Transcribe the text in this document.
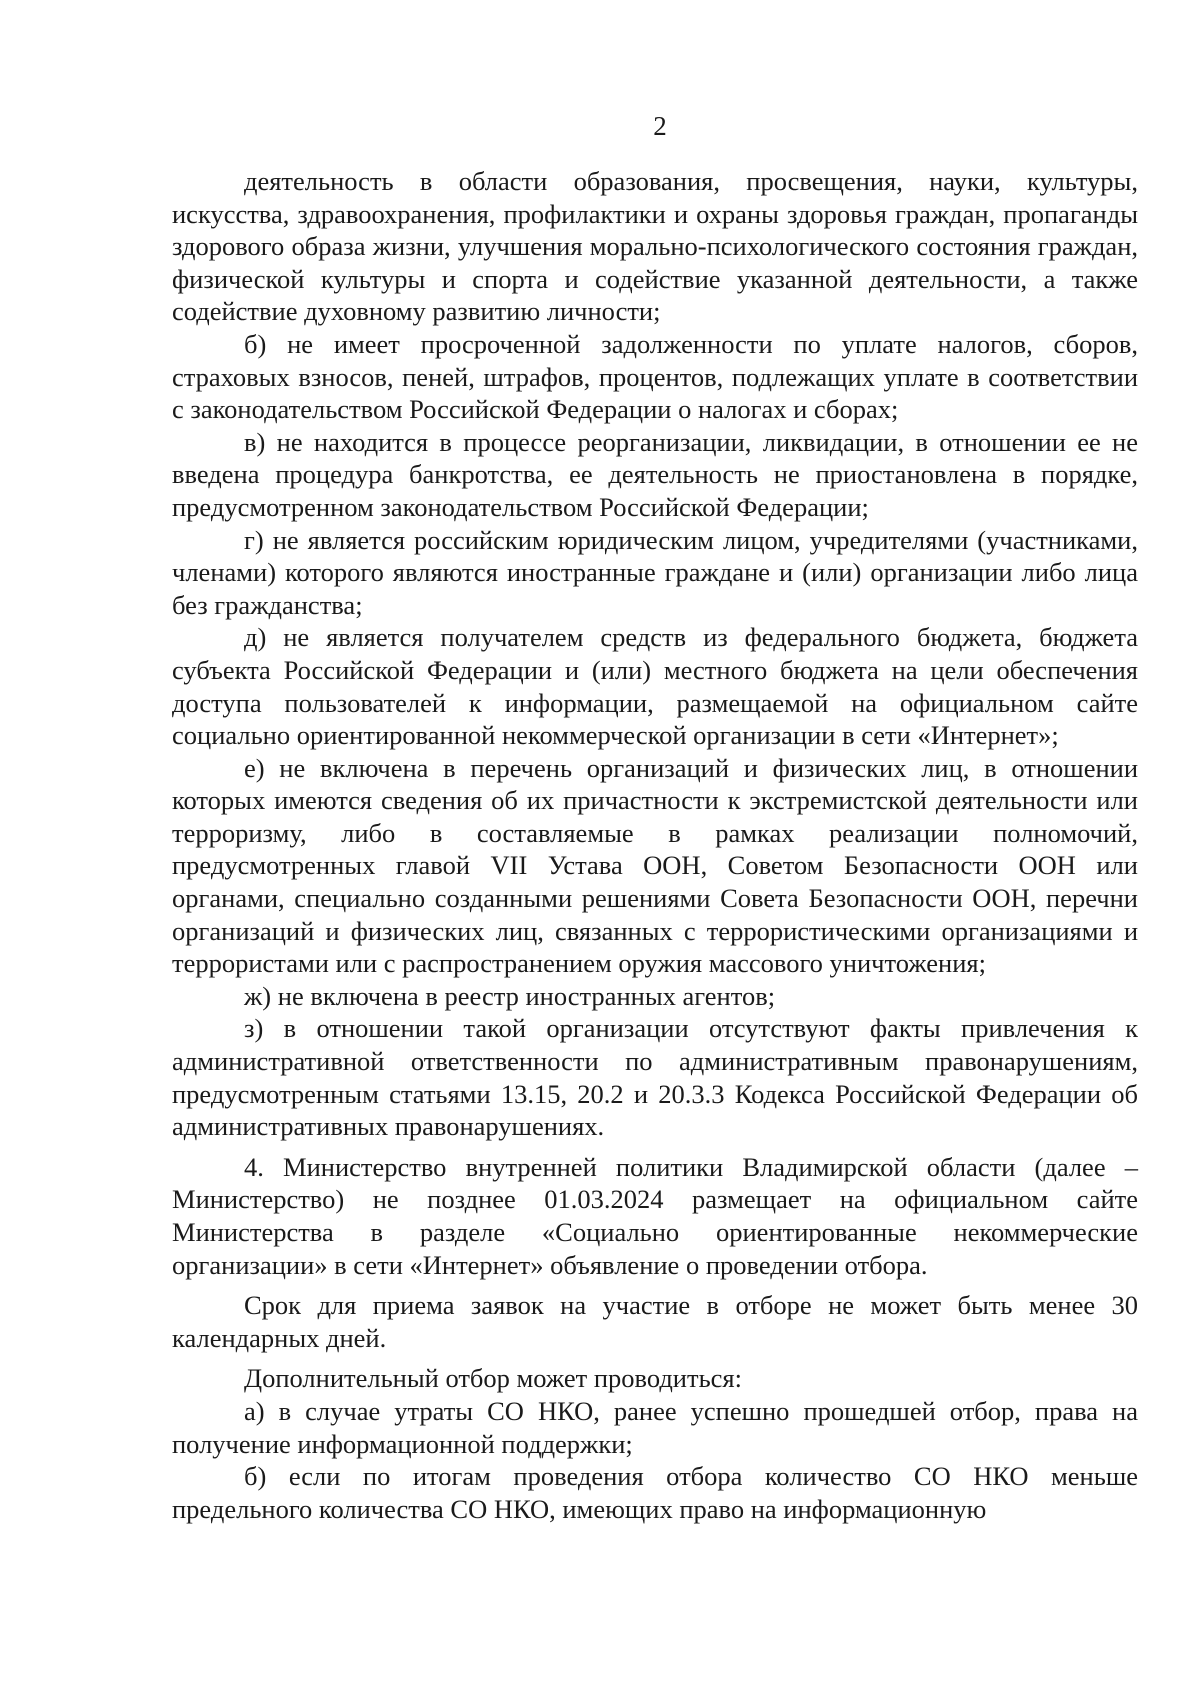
2

деятельность в области образования, просвещения, науки, культуры, искусства, здравоохранения, профилактики и охраны здоровья граждан, пропаганды здорового образа жизни, улучшения морально-психологического состояния граждан, физической культуры и спорта и содействие указанной деятельности, а также содействие духовному развитию личности;

б) не имеет просроченной задолженности по уплате налогов, сборов, страховых взносов, пеней, штрафов, процентов, подлежащих уплате в соответствии с законодательством Российской Федерации о налогах и сборах;

в) не находится в процессе реорганизации, ликвидации, в отношении ее не введена процедура банкротства, ее деятельность не приостановлена в порядке, предусмотренном законодательством Российской Федерации;

г) не является российским юридическим лицом, учредителями (участниками, членами) которого являются иностранные граждане и (или) организации либо лица без гражданства;

д) не является получателем средств из федерального бюджета, бюджета субъекта Российской Федерации и (или) местного бюджета на цели обеспечения доступа пользователей к информации, размещаемой на официальном сайте социально ориентированной некоммерческой организации в сети «Интернет»;

е) не включена в перечень организаций и физических лиц, в отношении которых имеются сведения об их причастности к экстремистской деятельности или терроризму, либо в составляемые в рамках реализации полномочий, предусмотренных главой VII Устава ООН, Советом Безопасности ООН или органами, специально созданными решениями Совета Безопасности ООН, перечни организаций и физических лиц, связанных с террористическими организациями и террористами или с распространением оружия массового уничтожения;

ж) не включена в реестр иностранных агентов;

з) в отношении такой организации отсутствуют факты привлечения к административной ответственности по административным правонарушениям, предусмотренным статьями 13.15, 20.2 и 20.3.3 Кодекса Российской Федерации об административных правонарушениях.

4. Министерство внутренней политики Владимирской области (далее – Министерство) не позднее 01.03.2024 размещает на официальном сайте Министерства в разделе «Социально ориентированные некоммерческие организации» в сети «Интернет» объявление о проведении отбора.

Срок для приема заявок на участие в отборе не может быть менее 30 календарных дней.

Дополнительный отбор может проводиться:

а) в случае утраты СО НКО, ранее успешно прошедшей отбор, права на получение информационной поддержки;

б) если по итогам проведения отбора количество СО НКО меньше предельного количества СО НКО, имеющих право на информационную
